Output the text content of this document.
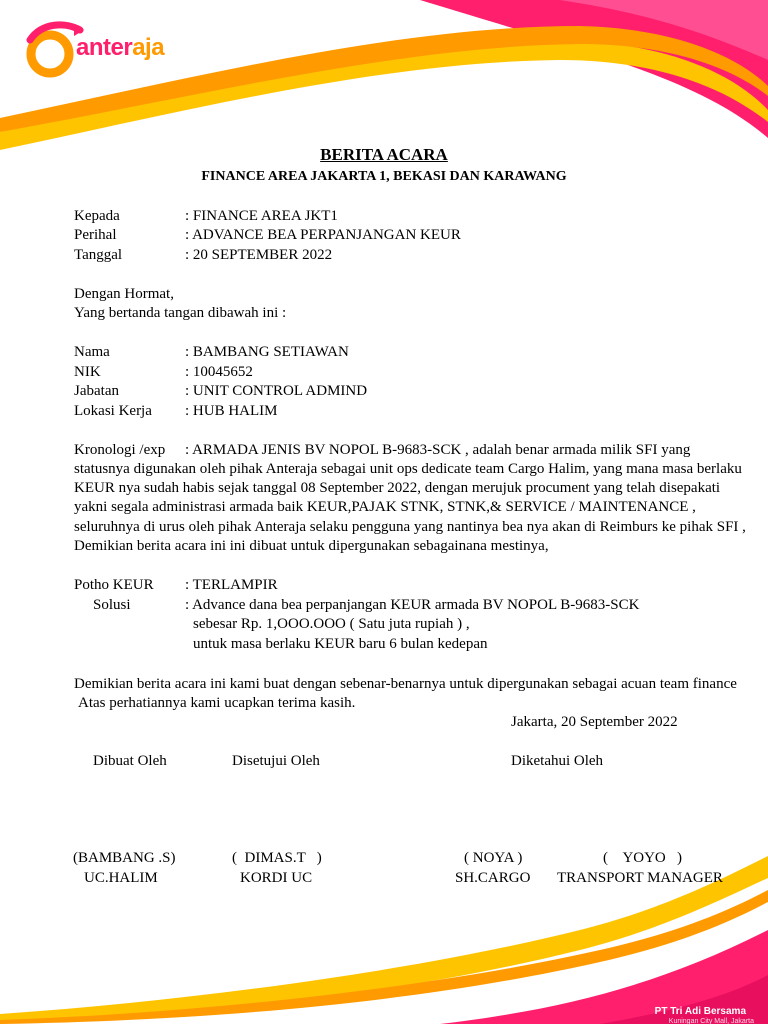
anteraja
BERITA ACARA
FINANCE AREA JAKARTA 1, BEKASI DAN KARAWANG
Kepada	: FINANCE AREA JKT1
Perihal	: ADVANCE BEA PERPANJANGAN KEUR
Tanggal	: 20 SEPTEMBER 2022
Dengan Hormat,
Yang bertanda tangan dibawah ini :
Nama	: BAMBANG SETIAWAN
NIK	: 10045652
Jabatan	: UNIT CONTROL ADMIND
Lokasi Kerja : HUB HALIM
Kronologi /exp : ARMADA JENIS BV NOPOL B-9683-SCK , adalah benar armada milik SFI yang
statusnya digunakan oleh pihak Anteraja sebagai unit ops dedicate team Cargo Halim, yang mana masa berlaku
KEUR nya sudah habis sejak tanggal 08 September 2022, dengan merujuk procument yang telah disepakati
yakni segala administrasi armada baik KEUR,PAJAK STNK, STNK,& SERVICE / MAINTENANCE ,
seluruhnya di urus oleh pihak Anteraja selaku pengguna yang nantinya bea nya akan di Reimburs ke pihak SFI ,
Demikian berita acara ini ini dibuat untuk dipergunakan sebagainana mestinya,
Potho KEUR : TERLAMPIR
Solusi	: Advance dana bea perpanjangan KEUR armada BV NOPOL B-9683-SCK
sebesar Rp. 1,OOO.OOO ( Satu juta rupiah ) ,
untuk masa berlaku KEUR baru 6 bulan kedepan
Demikian berita acara ini kami buat dengan sebenar-benarnya untuk dipergunakan sebagai acuan team finance
Atas perhatiannya kami ucapkan terima kasih.
Jakarta, 20 September 2022
Dibuat Oleh	Disetujui Oleh	Diketahui Oleh
(BAMBANG .S)
UC.HALIM
(  DIMAS.T   )
KORDI UC
( NOYA )
SH.CARGO
(    YOYO   )
TRANSPORT MANAGER
PT Tri Adi Bersama
Kuningan City Mall, Jakarta
